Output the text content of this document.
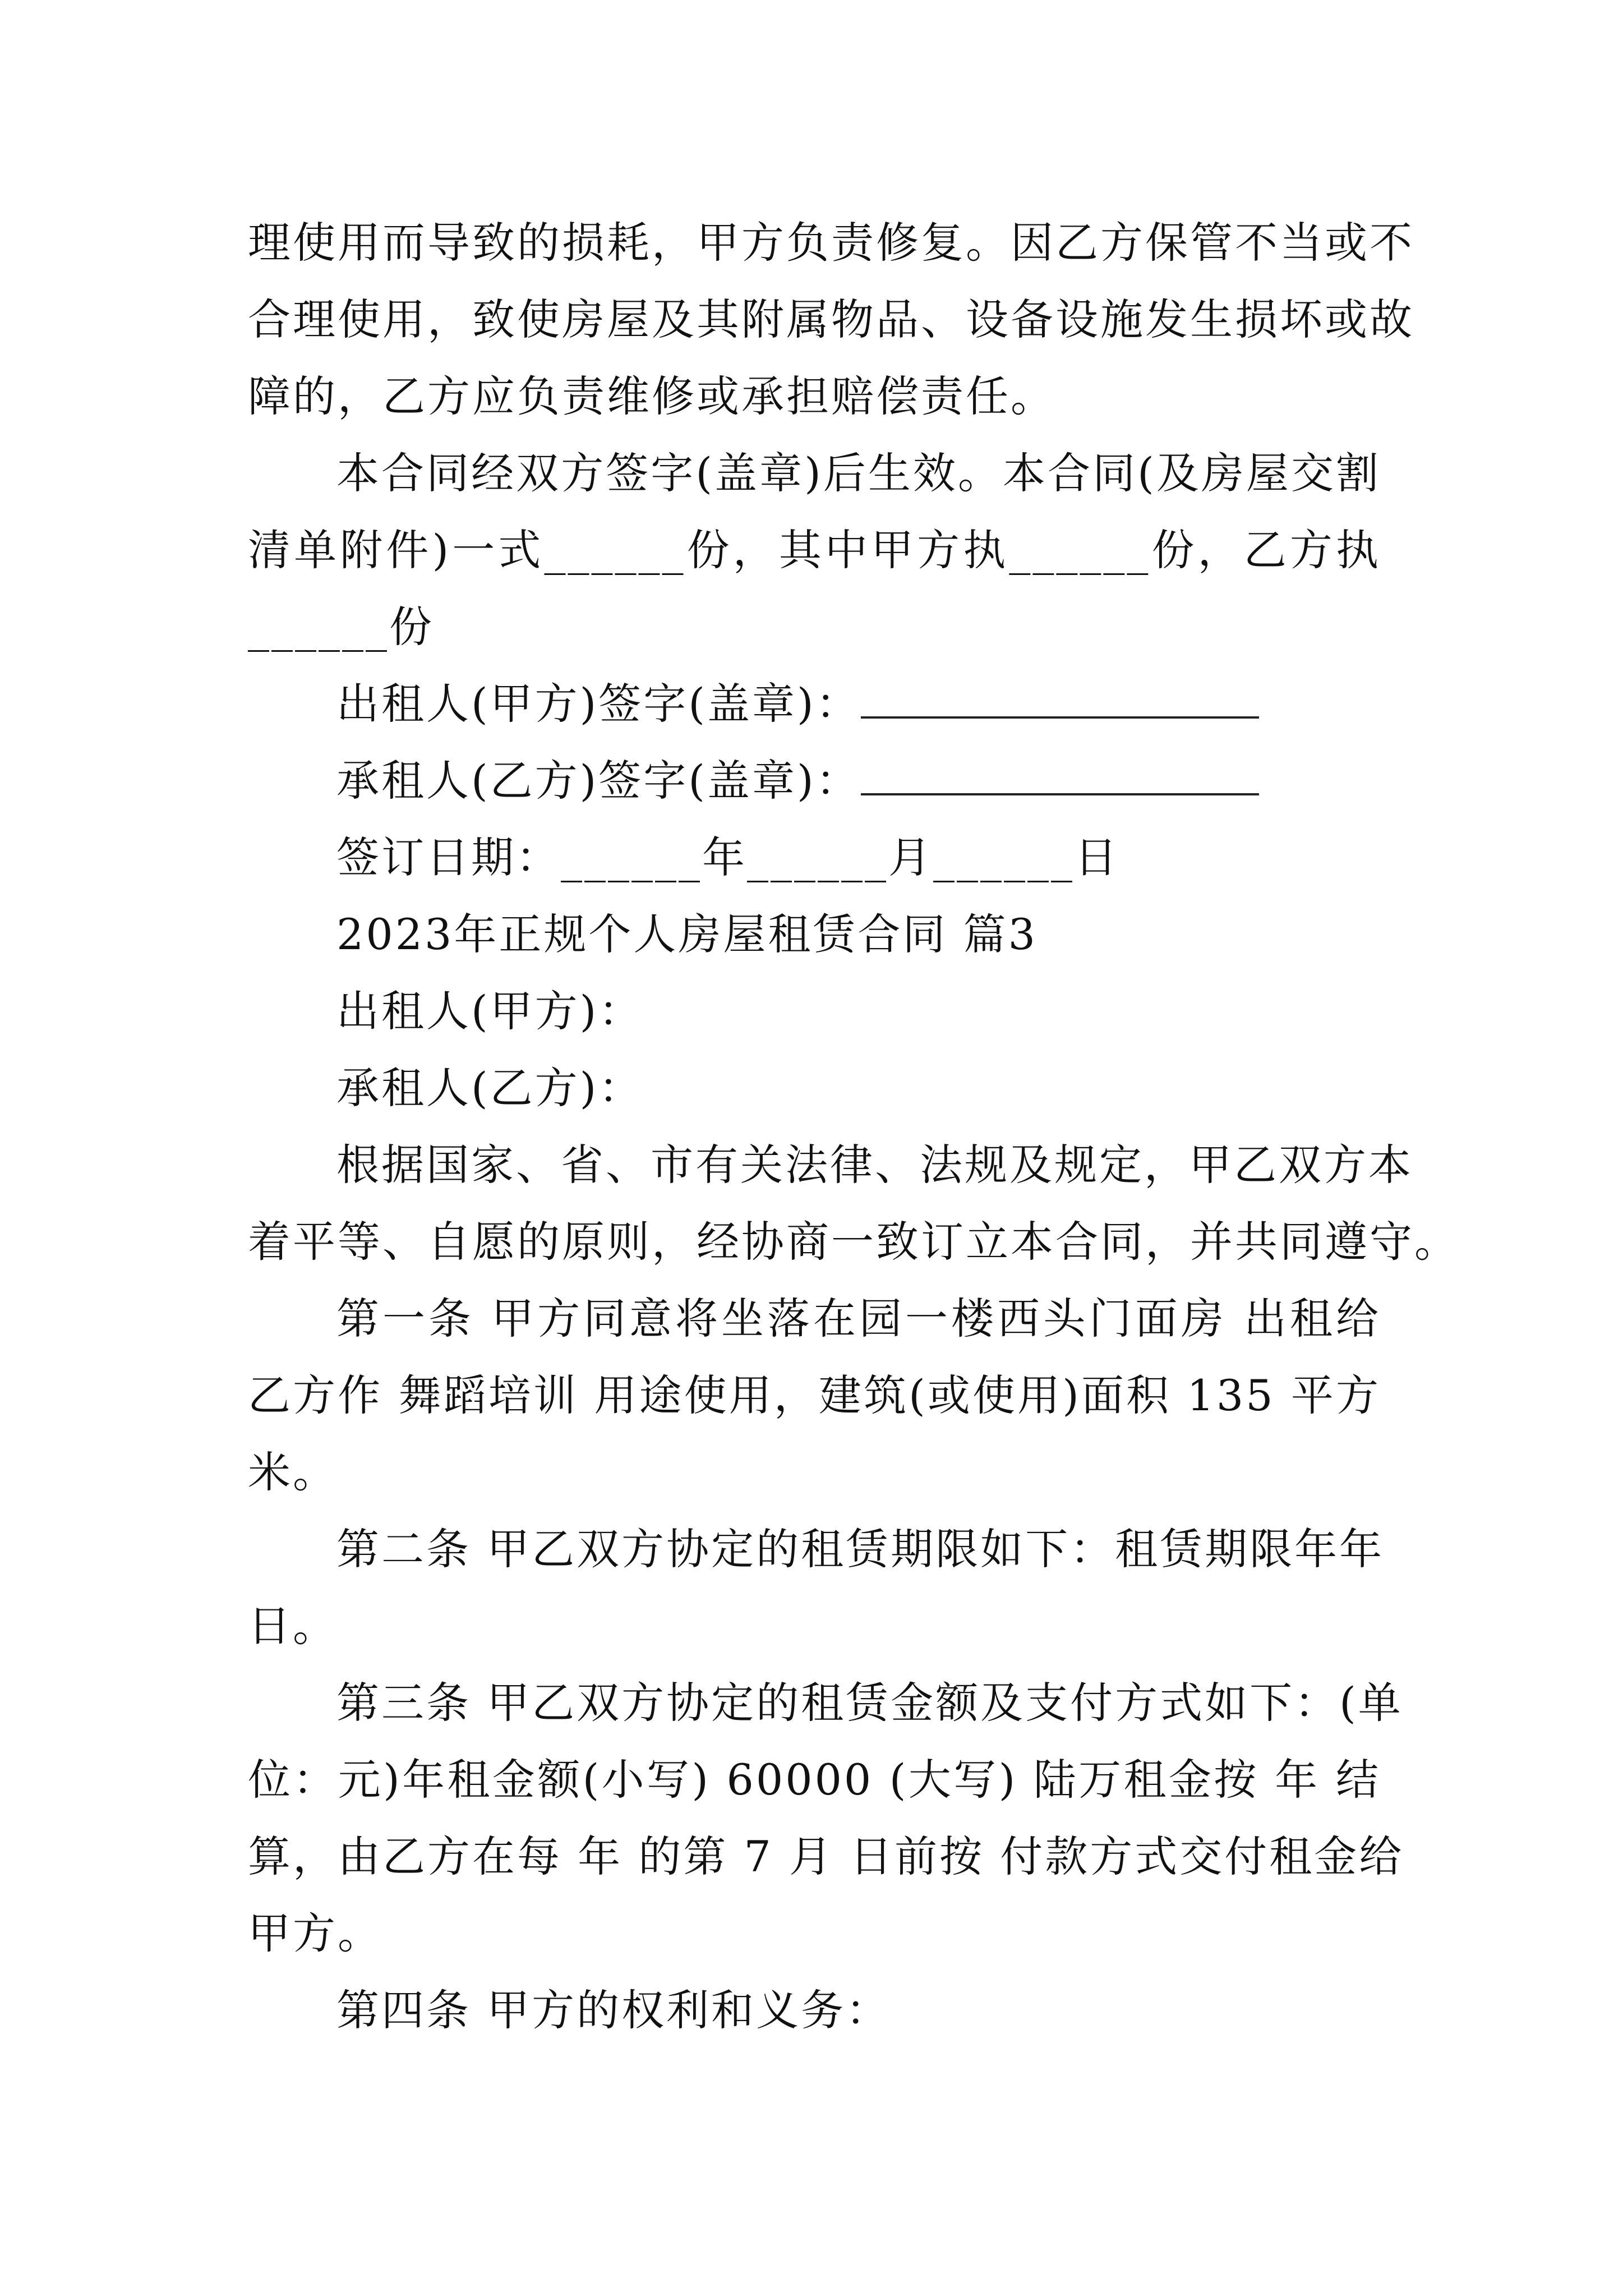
理使用而导致的损耗，甲方负责修复。因乙方保管不当或不
合理使用，致使房屋及其附属物品、设备设施发生损坏或故
障的，乙方应负责维修或承担赔偿责任。
本合同经双方签字(盖章)后生效。本合同(及房屋交割
清单附件)一式______份，其中甲方执______份，乙方执
______份
出租人(甲方)签字(盖章)：
承租人(乙方)签字(盖章)：
签订日期：______年______月______日
2023年正规个人房屋租赁合同 篇3
出租人(甲方)：
承租人(乙方)：
根据国家、省、市有关法律、法规及规定，甲乙双方本
着平等、自愿的原则，经协商一致订立本合同，并共同遵守。
第一条 甲方同意将坐落在园一楼西头门面房 出租给
乙方作 舞蹈培训 用途使用，建筑(或使用)面积 135 平方
米。
第二条 甲乙双方协定的租赁期限如下：租赁期限年年
日。
第三条 甲乙双方协定的租赁金额及支付方式如下：(单
位：元)年租金额(小写) 60000 (大写) 陆万租金按 年 结
算，由乙方在每 年 的第 7 月 日前按 付款方式交付租金给
甲方。
第四条 甲方的权利和义务：
